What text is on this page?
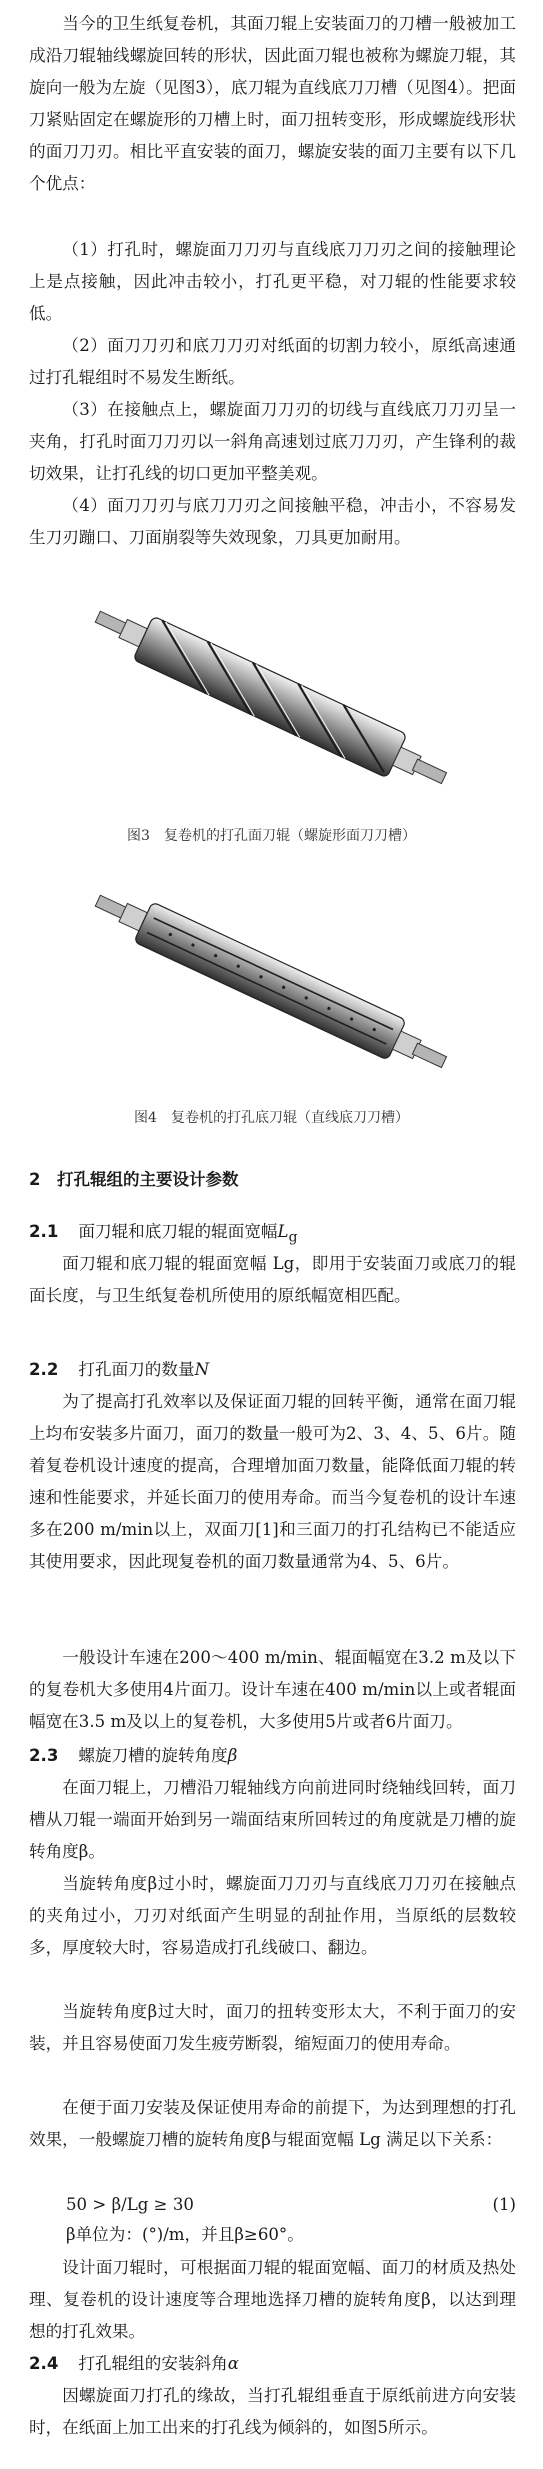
当今的卫生纸复卷机，其面刀辊上安装面刀的刀槽一般被加工成沿刀辊轴线螺旋回转的形状，因此面刀辊也被称为螺旋刀辊，其旋向一般为左旋（见图3），底刀辊为直线底刀刀槽（见图4）。把面刀紧贴固定在螺旋形的刀槽上时，面刀扭转变形，形成螺旋线形状的面刀刀刃。相比平直安装的面刀，螺旋安装的面刀主要有以下几个优点：

（1）打孔时，螺旋面刀刀刃与直线底刀刀刃之间的接触理论上是点接触，因此冲击较小，打孔更平稳，对刀辊的性能要求较低。

（2）面刀刀刃和底刀刀刃对纸面的切割力较小，原纸高速通过打孔辊组时不易发生断纸。

（3）在接触点上，螺旋面刀刀刃的切线与直线底刀刀刃呈一夹角，打孔时面刀刀刃以一斜角高速划过底刀刀刃，产生锋利的裁切效果，让打孔线的切口更加平整美观。

（4）面刀刀刃与底刀刀刃之间接触平稳，冲击小，不容易发生刀刃蹦口、刀面崩裂等失效现象，刀具更加耐用。

图3　复卷机的打孔面刀辊（螺旋形面刀刀槽）
图4　复卷机的打孔底刀辊（直线底刀刀槽）
2　打孔辊组的主要设计参数
2.1 面刀辊和底刀辊的辊面宽幅$L_g$

面刀辊和底刀辊的辊面宽幅 Lg，即用于安装面刀或底刀的辊面长度，与卫生纸复卷机所使用的原纸幅宽相匹配。

2.2 打孔面刀的数量N

为了提高打孔效率以及保证面刀辊的回转平衡，通常在面刀辊上均布安装多片面刀，面刀的数量一般可为2、3、4、5、6片。随着复卷机设计速度的提高，合理增加面刀数量，能降低面刀辊的转速和性能要求，并延长面刀的使用寿命。而当今复卷机的设计车速多在200 m/min以上，双面刀[1]和三面刀的打孔结构已不能适应其使用要求，因此现复卷机的面刀数量通常为4、5、6片。

一般设计车速在200～400 m/min、辊面幅宽在3.2 m及以下的复卷机大多使用4片面刀。设计车速在400 m/min以上或者辊面幅宽在3.5 m及以上的复卷机，大多使用5片或者6片面刀。

2.3 螺旋刀槽的旋转角度β

在面刀辊上，刀槽沿刀辊轴线方向前进同时绕轴线回转，面刀槽从刀辊一端面开始到另一端面结束所回转过的角度就是刀槽的旋转角度β。

当旋转角度β过小时，螺旋面刀刀刃与直线底刀刀刃在接触点的夹角过小，刀刃对纸面产生明显的刮扯作用，当原纸的层数较多，厚度较大时，容易造成打孔线破口、翻边。

当旋转角度β过大时，面刀的扭转变形太大，不利于面刀的安装，并且容易使面刀发生疲劳断裂，缩短面刀的使用寿命。

在便于面刀安装及保证使用寿命的前提下，为达到理想的打孔效果，一般螺旋刀槽的旋转角度β与辊面宽幅 Lg 满足以下关系：

50 > β/Lg ≥ 30	(1)
β单位为：(°)/m，并且β≥60°。

设计面刀辊时，可根据面刀辊的辊面宽幅、面刀的材质及热处理、复卷机的设计速度等合理地选择刀槽的旋转角度β，以达到理想的打孔效果。

2.4 打孔辊组的安装斜角α

因螺旋面刀打孔的缘故，当打孔辊组垂直于原纸前进方向安装时，在纸面上加工出来的打孔线为倾斜的，如图5所示。
